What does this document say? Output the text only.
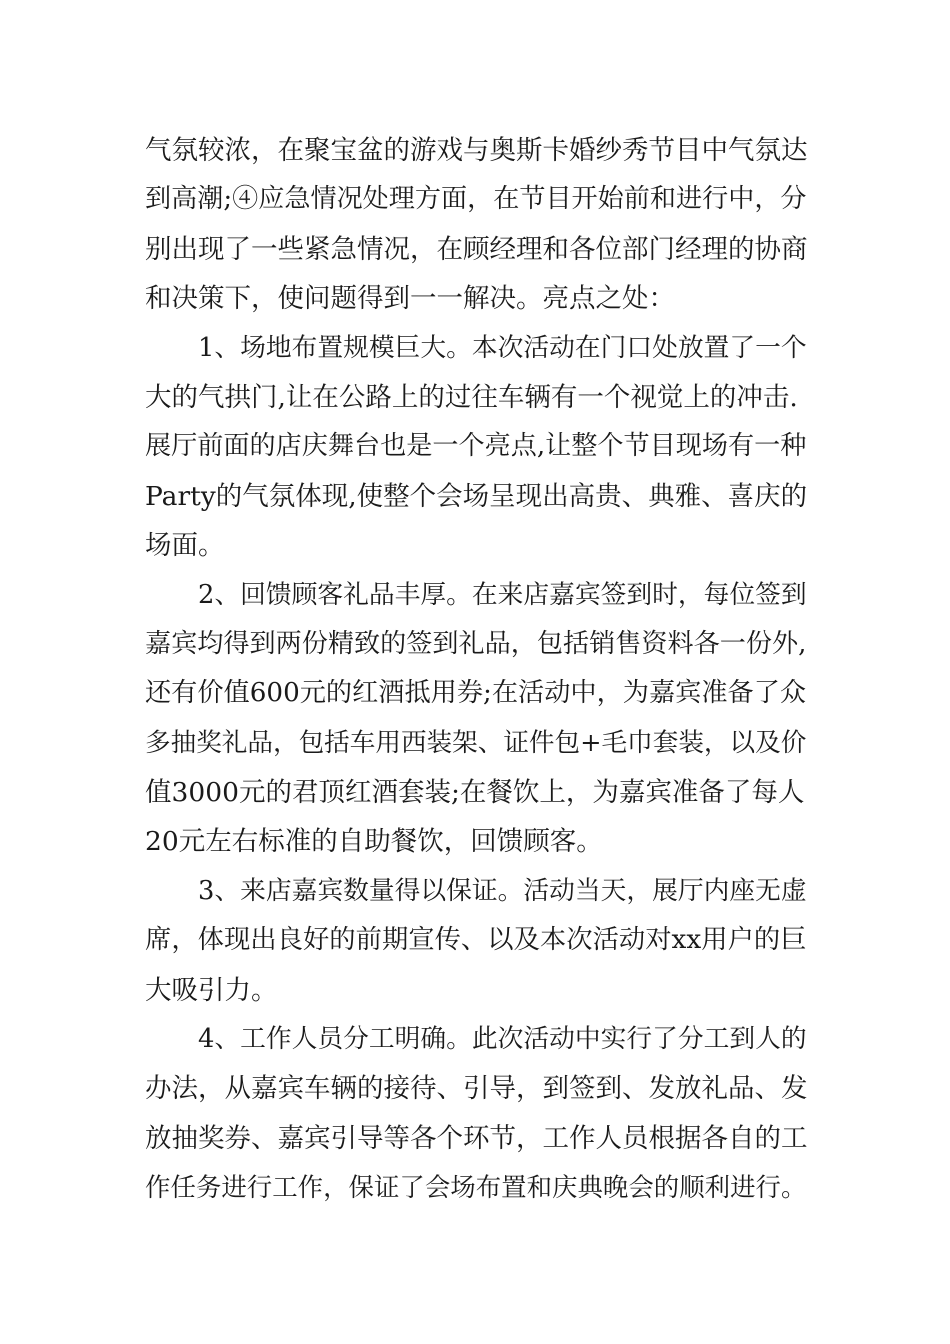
气氛较浓，在聚宝盆的游戏与奥斯卡婚纱秀节目中气氛达
到高潮;④应急情况处理方面，在节目开始前和进行中，分
别出现了一些紧急情况，在顾经理和各位部门经理的协商
和决策下，使问题得到一一解决。亮点之处：
1、场地布置规模巨大。本次活动在门口处放置了一个
大的气拱门,让在公路上的过往车辆有一个视觉上的冲击.
展厅前面的店庆舞台也是一个亮点,让整个节目现场有一种
Party的气氛体现,使整个会场呈现出高贵、典雅、喜庆的
场面。
2、回馈顾客礼品丰厚。在来店嘉宾签到时，每位签到
嘉宾均得到两份精致的签到礼品，包括销售资料各一份外,
还有价值600元的红酒抵用券;在活动中，为嘉宾准备了众
多抽奖礼品，包括车用西装架、证件包+毛巾套装，以及价
值3000元的君顶红酒套装;在餐饮上，为嘉宾准备了每人
20元左右标准的自助餐饮，回馈顾客。
3、来店嘉宾数量得以保证。活动当天，展厅内座无虚
席，体现出良好的前期宣传、以及本次活动对xx用户的巨
大吸引力。
4、工作人员分工明确。此次活动中实行了分工到人的
办法，从嘉宾车辆的接待、引导，到签到、发放礼品、发
放抽奖券、嘉宾引导等各个环节，工作人员根据各自的工
作任务进行工作，保证了会场布置和庆典晚会的顺利进行。
